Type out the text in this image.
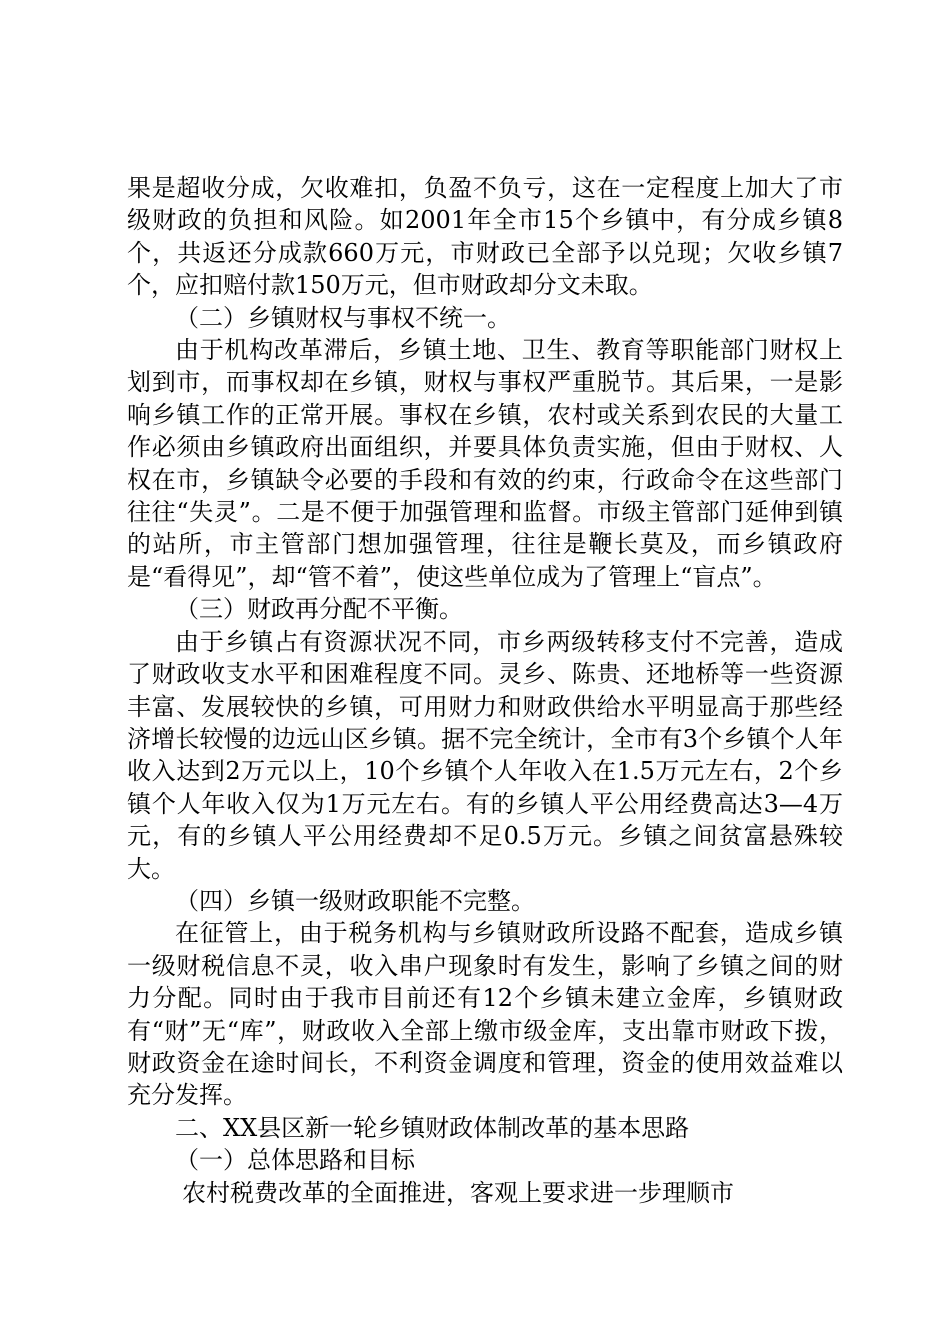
果是超收分成，欠收难扣，负盈不负亏，这在一定程度上加大了市级财政的负担和风险。如2001年全市15个乡镇中，有分成乡镇8个，共返还分成款660万元，市财政已全部予以兑现；欠收乡镇7个，应扣赔付款150万元，但市财政却分文未取。

（二）乡镇财权与事权不统一。

由于机构改革滞后，乡镇土地、卫生、教育等职能部门财权上划到市，而事权却在乡镇，财权与事权严重脱节。其后果，一是影响乡镇工作的正常开展。事权在乡镇，农村或关系到农民的大量工作必须由乡镇政府出面组织，并要具体负责实施，但由于财权、人权在市，乡镇缺令必要的手段和有效的约束，行政命令在这些部门往往“失灵”。二是不便于加强管理和监督。市级主管部门延伸到镇的站所，市主管部门想加强管理，往往是鞭长莫及，而乡镇政府是“看得见”，却“管不着”，使这些单位成为了管理上“盲点”。

（三）财政再分配不平衡。

由于乡镇占有资源状况不同，市乡两级转移支付不完善，造成了财政收支水平和困难程度不同。灵乡、陈贵、还地桥等一些资源丰富、发展较快的乡镇，可用财力和财政供给水平明显高于那些经济增长较慢的边远山区乡镇。据不完全统计，全市有3个乡镇个人年收入达到2万元以上，10个乡镇个人年收入在1.5万元左右，2个乡镇个人年收入仅为1万元左右。有的乡镇人平公用经费高达3—4万元，有的乡镇人平公用经费却不足0.5万元。乡镇之间贫富悬殊较大。

（四）乡镇一级财政职能不完整。

在征管上，由于税务机构与乡镇财政所设路不配套，造成乡镇一级财税信息不灵，收入串户现象时有发生，影响了乡镇之间的财力分配。同时由于我市目前还有12个乡镇未建立金库，乡镇财政有“财”无“库”，财政收入全部上缴市级金库，支出靠市财政下拨，财政资金在途时间长，不利资金调度和管理，资金的使用效益难以充分发挥。

二、XX县区新一轮乡镇财政体制改革的基本思路

（一）总体思路和目标

农村税费改革的全面推进，客观上要求进一步理顺市
